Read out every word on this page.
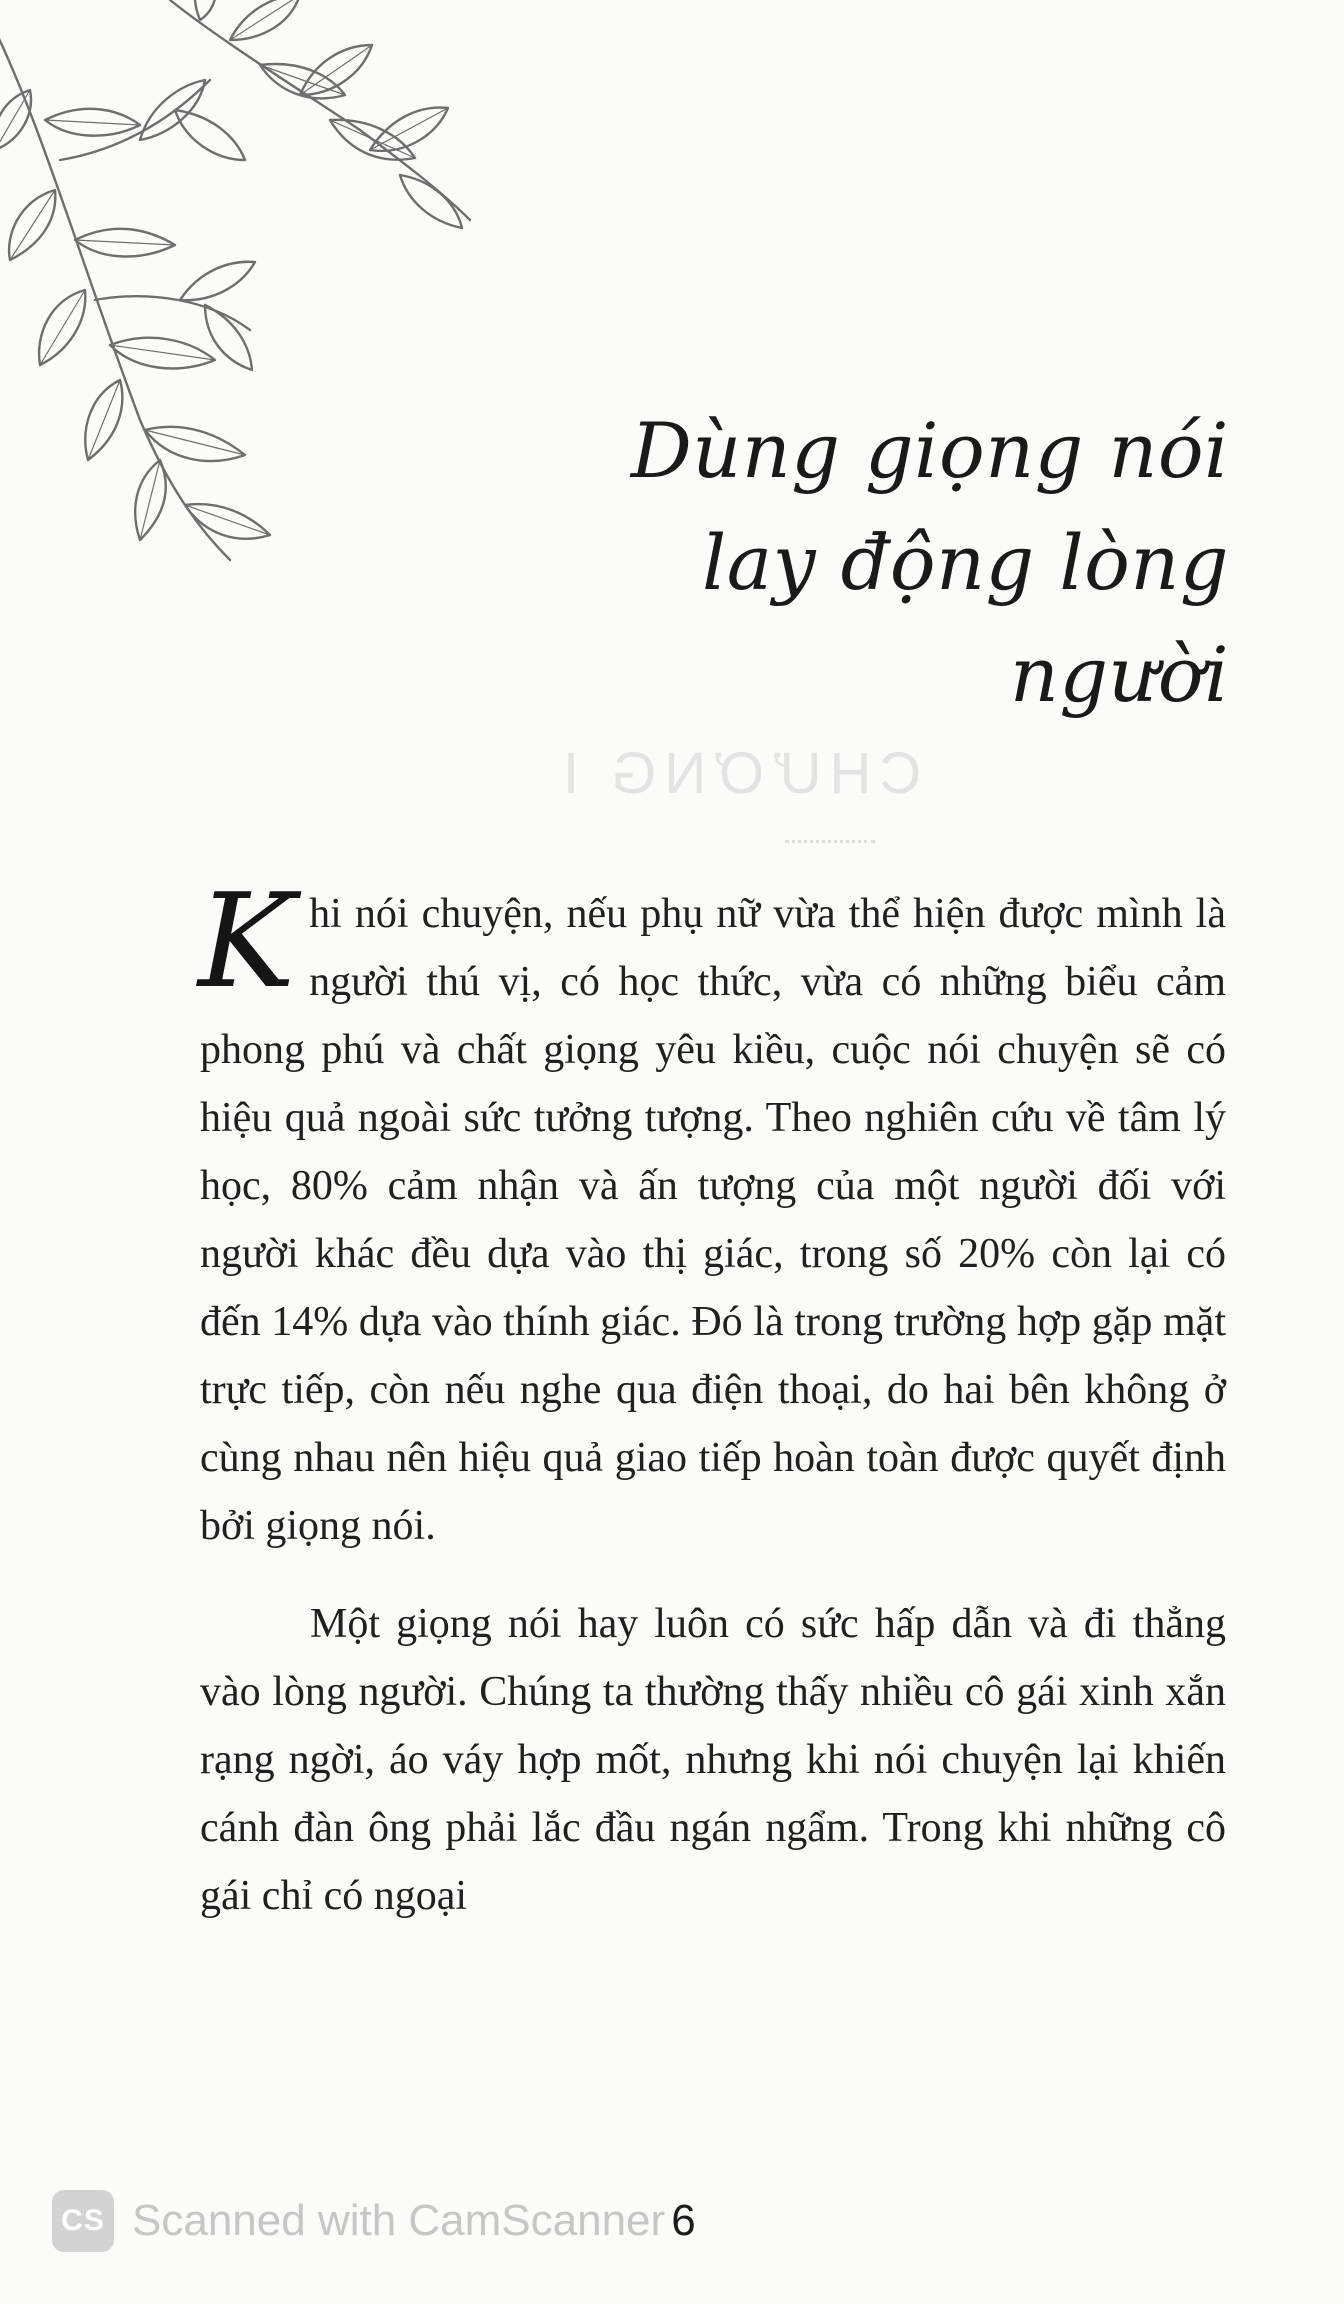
Dùng giọng nói
lay động lòng người
CHƯƠNG I

Khi nói chuyện, nếu phụ nữ vừa thể hiện được mình là người thú vị, có học thức, vừa có những biểu cảm phong phú và chất giọng yêu kiều, cuộc nói chuyện sẽ có hiệu quả ngoài sức tưởng tượng. Theo nghiên cứu về tâm lý học, 80% cảm nhận và ấn tượng của một người đối với người khác đều dựa vào thị giác, trong số 20% còn lại có đến 14% dựa vào thính giác. Đó là trong trường hợp gặp mặt trực tiếp, còn nếu nghe qua điện thoại, do hai bên không ở cùng nhau nên hiệu quả giao tiếp hoàn toàn được quyết định bởi giọng nói.

Một giọng nói hay luôn có sức hấp dẫn và đi thẳng vào lòng người. Chúng ta thường thấy nhiều cô gái xinh xắn rạng ngời, áo váy hợp mốt, nhưng khi nói chuyện lại khiến cánh đàn ông phải lắc đầu ngán ngẩm. Trong khi những cô gái chỉ có ngoại

CS Scanned with CamScanner 6
